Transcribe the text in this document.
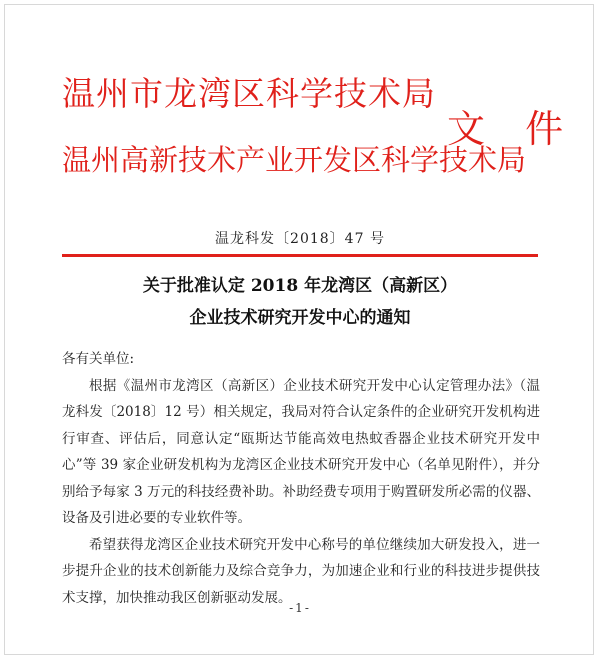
温州市龙湾区科学技术局
温州高新技术产业开发区科学技术局
文 件
温龙科发〔2018〕47 号
关于批准认定 2018 年龙湾区（高新区）
企业技术研究开发中心的通知

各有关单位:

根据《温州市龙湾区（高新区）企业技术研究开发中心认定管理办法》（温龙科发〔2018〕12 号）相关规定，我局对符合认定条件的企业研究开发机构进行审查、评估后，同意认定“瓯斯达节能高效电热蚊香器企业技术研究开发中心”等 39 家企业研发机构为龙湾区企业技术研究开发中心（名单见附件），并分别给予每家 3 万元的科技经费补助。补助经费专项用于购置研发所必需的仪器、设备及引进必要的专业软件等。

希望获得龙湾区企业技术研究开发中心称号的单位继续加大研发投入，进一步提升企业的技术创新能力及综合竞争力，为加速企业和行业的科技进步提供技术支撑，加快推动我区创新驱动发展。

-1-
